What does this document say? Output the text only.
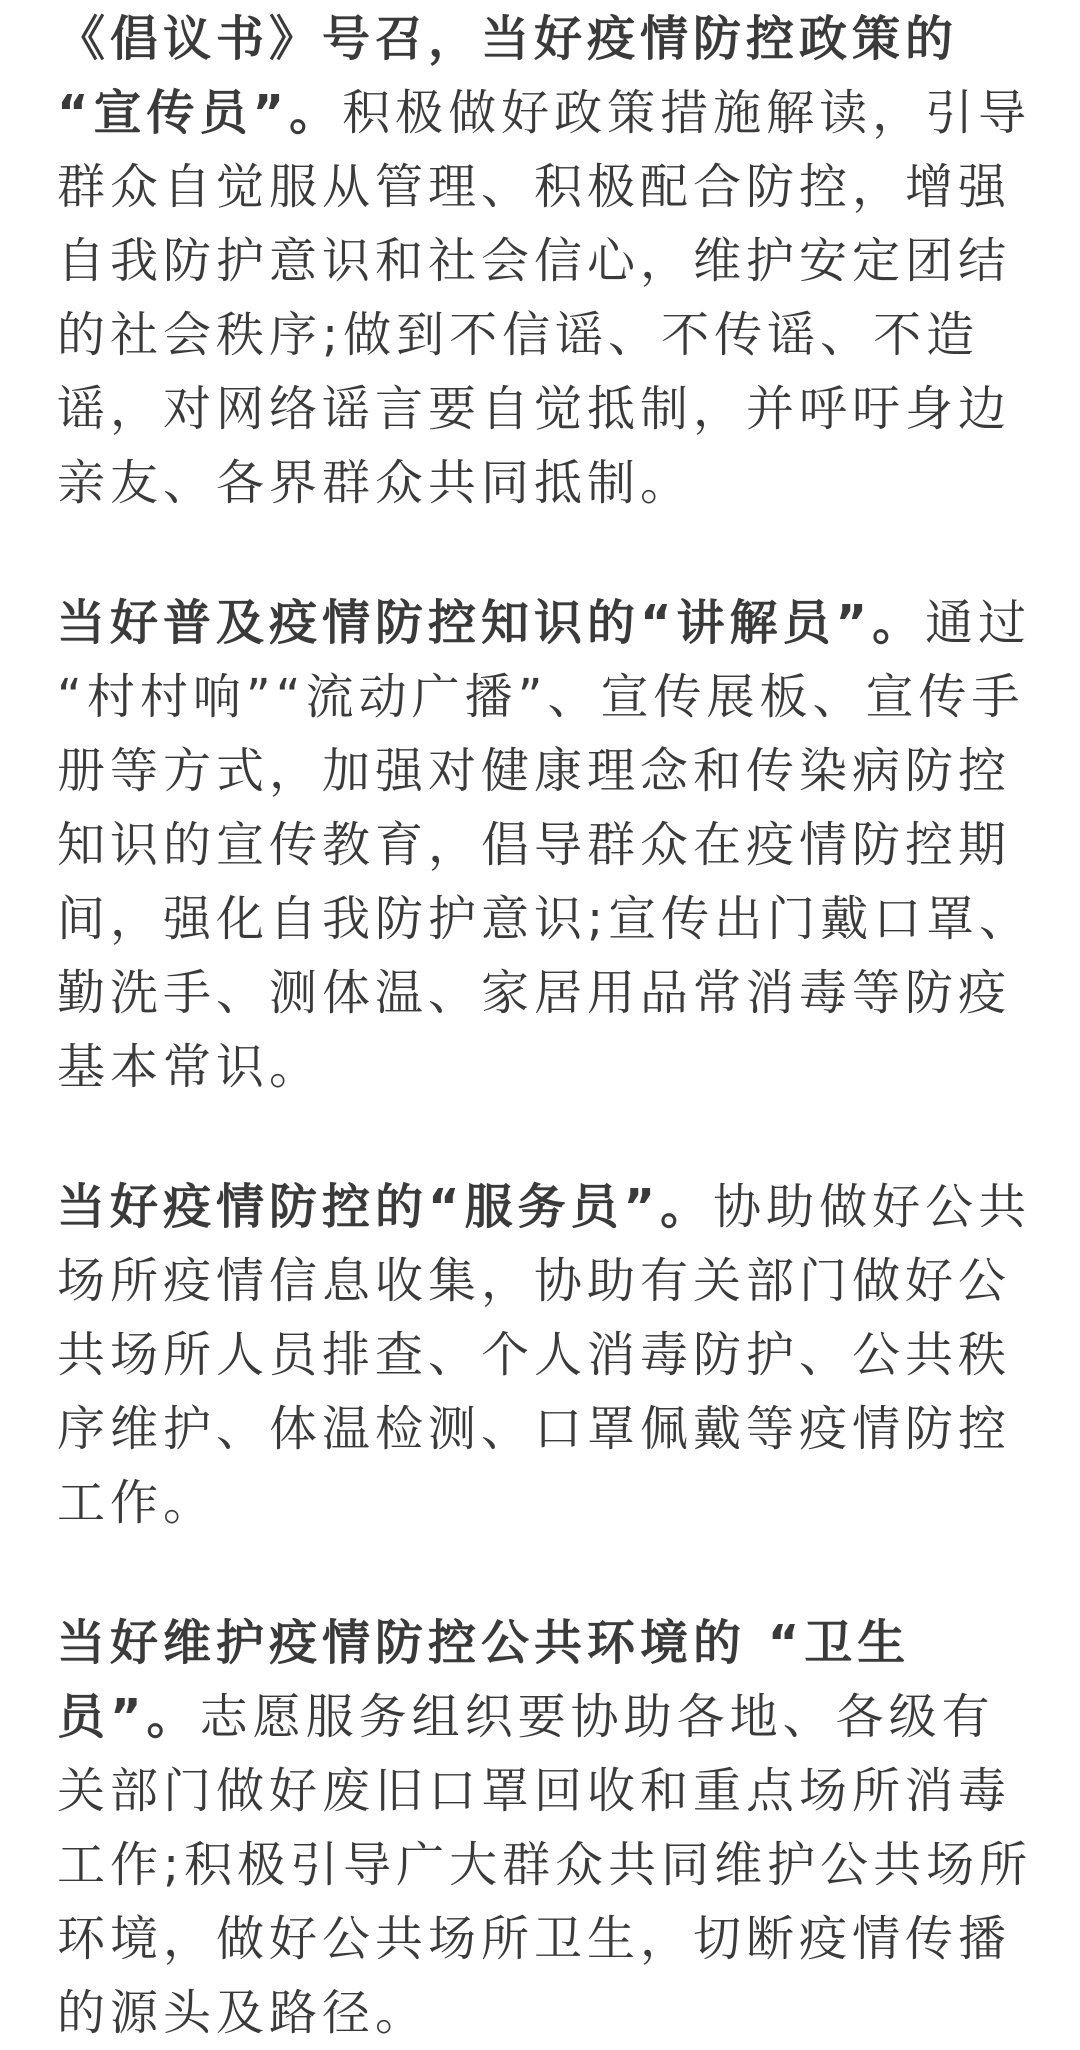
《倡议书》号召，当好疫情防控政策的
“宣传员”。积极做好政策措施解读，引导
群众自觉服从管理、积极配合防控，增强
自我防护意识和社会信心，维护安定团结
的社会秩序;做到不信谣、不传谣、不造
谣，对网络谣言要自觉抵制，并呼吁身边
亲友、各界群众共同抵制。
当好普及疫情防控知识的“讲解员”。通过
“村村响”“流动广播”、宣传展板、宣传手
册等方式，加强对健康理念和传染病防控
知识的宣传教育，倡导群众在疫情防控期
间，强化自我防护意识;宣传出门戴口罩、
勤洗手、测体温、家居用品常消毒等防疫
基本常识。
当好疫情防控的“服务员”。协助做好公共
场所疫情信息收集，协助有关部门做好公
共场所人员排查、个人消毒防护、公共秩
序维护、体温检测、口罩佩戴等疫情防控
工作。
当好维护疫情防控公共环境的 “卫生
员”。志愿服务组织要协助各地、各级有
关部门做好废旧口罩回收和重点场所消毒
工作;积极引导广大群众共同维护公共场所
环境，做好公共场所卫生，切断疫情传播
的源头及路径。
